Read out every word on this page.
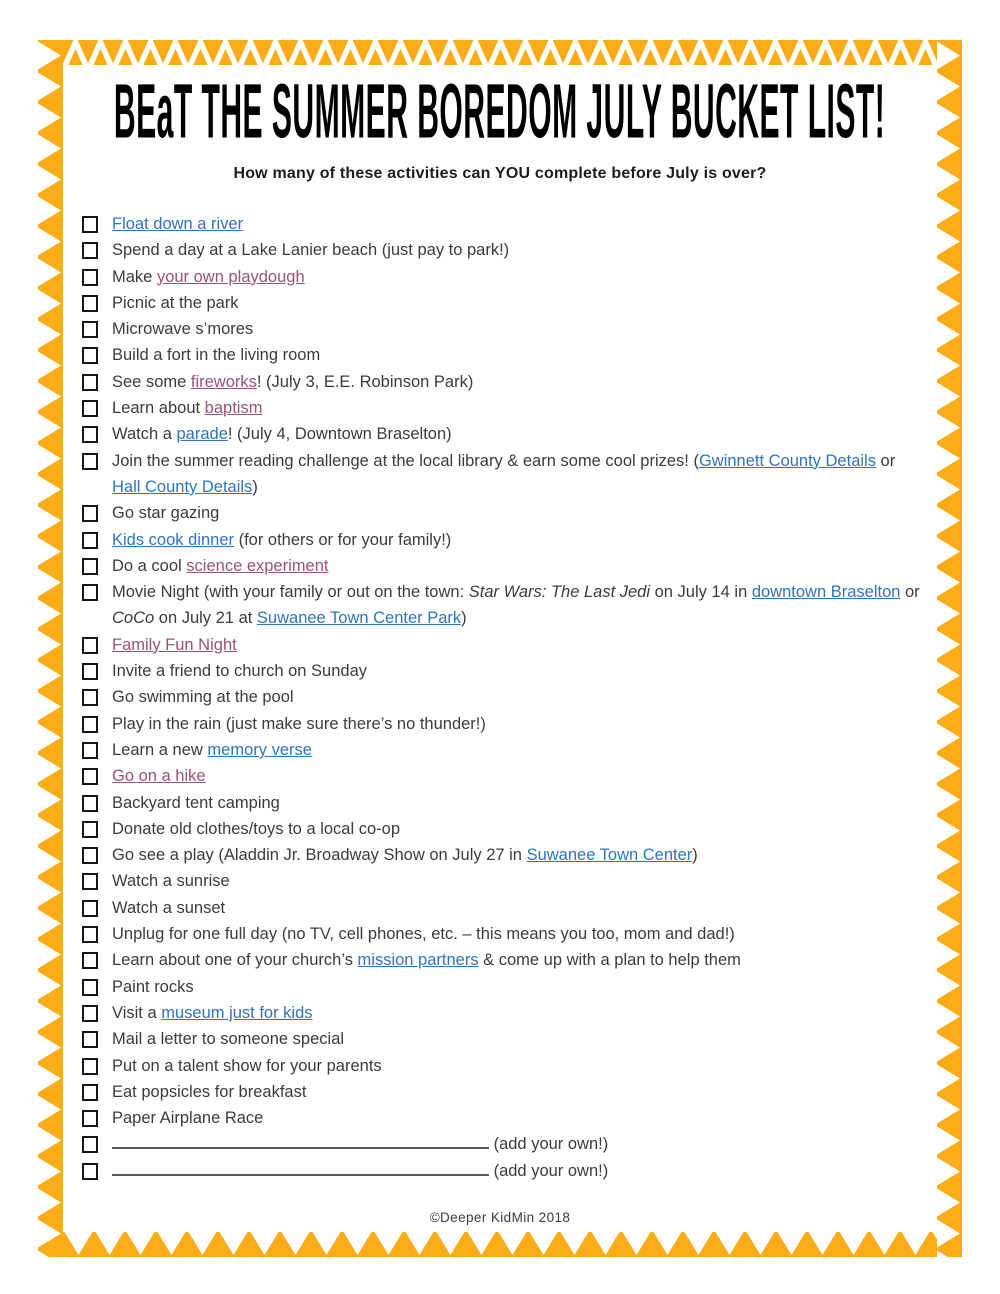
BEaT THE SUMMER BOREDOM JULY BUCKET LIST!
How many of these activities can YOU complete before July is over?
Float down a river
Spend a day at a Lake Lanier beach (just pay to park!)
Make your own playdough
Picnic at the park
Microwave s’mores
Build a fort in the living room
See some fireworks! (July 3, E.E. Robinson Park)
Learn about baptism
Watch a parade! (July 4, Downtown Braselton)
Join the summer reading challenge at the local library & earn some cool prizes! (Gwinnett County Details or Hall County Details)
Go star gazing
Kids cook dinner (for others or for your family!)
Do a cool science experiment
Movie Night (with your family or out on the town: Star Wars: The Last Jedi on July 14 in downtown Braselton or CoCo on July 21 at Suwanee Town Center Park)
Family Fun Night
Invite a friend to church on Sunday
Go swimming at the pool
Play in the rain (just make sure there’s no thunder!)
Learn a new memory verse
Go on a hike
Backyard tent camping
Donate old clothes/toys to a local co-op
Go see a play (Aladdin Jr. Broadway Show on July 27 in Suwanee Town Center)
Watch a sunrise
Watch a sunset
Unplug for one full day (no TV, cell phones, etc. – this means you too, mom and dad!)
Learn about one of your church’s mission partners & come up with a plan to help them
Paint rocks
Visit a museum just for kids
Mail a letter to someone special
Put on a talent show for your parents
Eat popsicles for breakfast
Paper Airplane Race
(add your own!)
(add your own!)
©Deeper KidMin 2018
